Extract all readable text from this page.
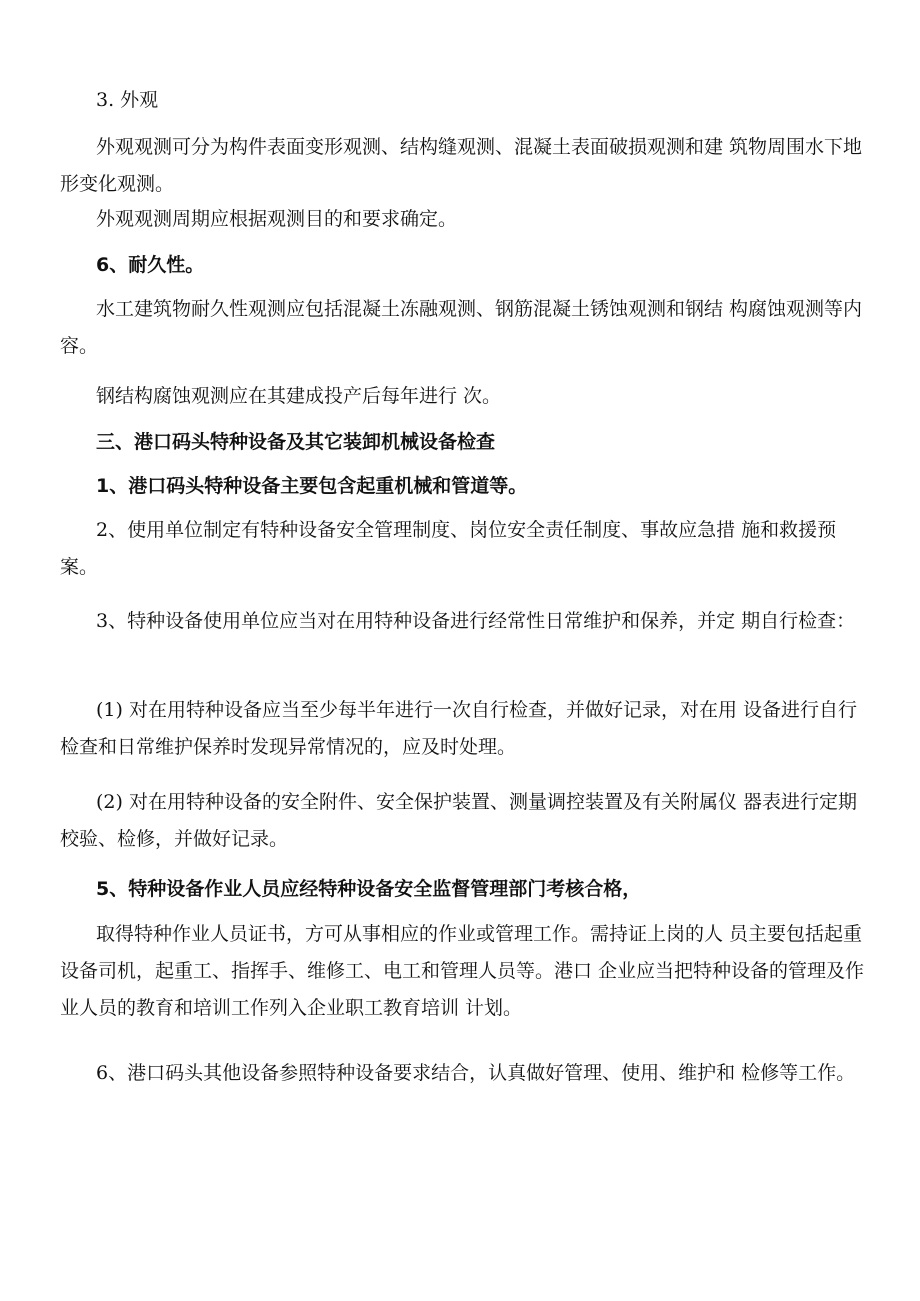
3. 外观

外观观测可分为构件表面变形观测、结构缝观测、混凝土表面破损观测和建 筑物周围水下地形变化观测。

外观观测周期应根据观测目的和要求确定。

6、耐久性。

水工建筑物耐久性观测应包括混凝土冻融观测、钢筋混凝土锈蚀观测和钢结 构腐蚀观测等内容。

钢结构腐蚀观测应在其建成投产后每年进行 次。

三、港口码头特种设备及其它装卸机械设备检查

1、港口码头特种设备主要包含起重机械和管道等。

2、使用单位制定有特种设备安全管理制度、岗位安全责任制度、事故应急措 施和救援预案。

3、特种设备使用单位应当对在用特种设备进行经常性日常维护和保养，并定 期自行检查：

(1) 对在用特种设备应当至少每半年进行一次自行检查，并做好记录，对在用 设备进行自行检查和日常维护保养时发现异常情况的，应及时处理。

(2) 对在用特种设备的安全附件、安全保护装置、测量调控装置及有关附属仪 器表进行定期校验、检修，并做好记录。

5、特种设备作业人员应经特种设备安全监督管理部门考核合格，

取得特种作业人员证书，方可从事相应的作业或管理工作。需持证上岗的人 员主要包括起重设备司机，起重工、指挥手、维修工、电工和管理人员等。港口 企业应当把特种设备的管理及作业人员的教育和培训工作列入企业职工教育培训 计划。

6、港口码头其他设备参照特种设备要求结合，认真做好管理、使用、维护和 检修等工作。
